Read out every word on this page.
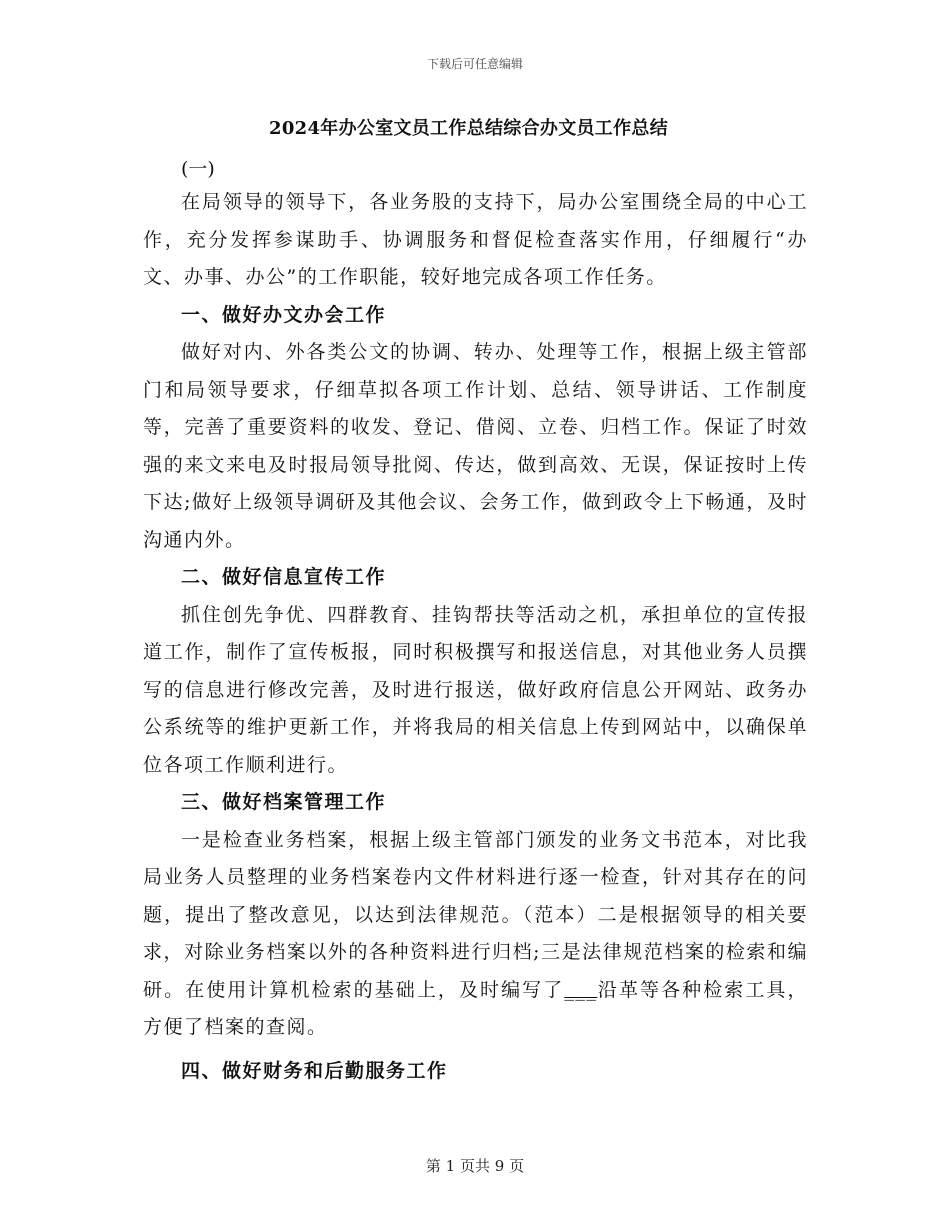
下载后可任意编辑
2024年办公室文员工作总结综合办文员工作总结

(一)

在局领导的领导下，各业务股的支持下，局办公室围绕全局的中心工作，充分发挥参谋助手、协调服务和督促检查落实作用，仔细履行“办文、办事、办公”的工作职能，较好地完成各项工作任务。

一、做好办文办会工作

做好对内、外各类公文的协调、转办、处理等工作，根据上级主管部门和局领导要求，仔细草拟各项工作计划、总结、领导讲话、工作制度等，完善了重要资料的收发、登记、借阅、立卷、归档工作。保证了时效强的来文来电及时报局领导批阅、传达，做到高效、无误，保证按时上传下达;做好上级领导调研及其他会议、会务工作，做到政令上下畅通，及时沟通内外。

二、做好信息宣传工作

抓住创先争优、四群教育、挂钩帮扶等活动之机，承担单位的宣传报道工作，制作了宣传板报，同时积极撰写和报送信息，对其他业务人员撰写的信息进行修改完善，及时进行报送，做好政府信息公开网站、政务办公系统等的维护更新工作，并将我局的相关信息上传到网站中，以确保单位各项工作顺利进行。

三、做好档案管理工作

一是检查业务档案，根据上级主管部门颁发的业务文书范本，对比我局业务人员整理的业务档案卷内文件材料进行逐一检查，针对其存在的问题，提出了整改意见，以达到法律规范。（范本）二是根据领导的相关要求，对除业务档案以外的各种资料进行归档;三是法律规范档案的检索和编研。在使用计算机检索的基础上，及时编写了___沿革等各种检索工具，方便了档案的查阅。

四、做好财务和后勤服务工作

第 1 页共 9 页
